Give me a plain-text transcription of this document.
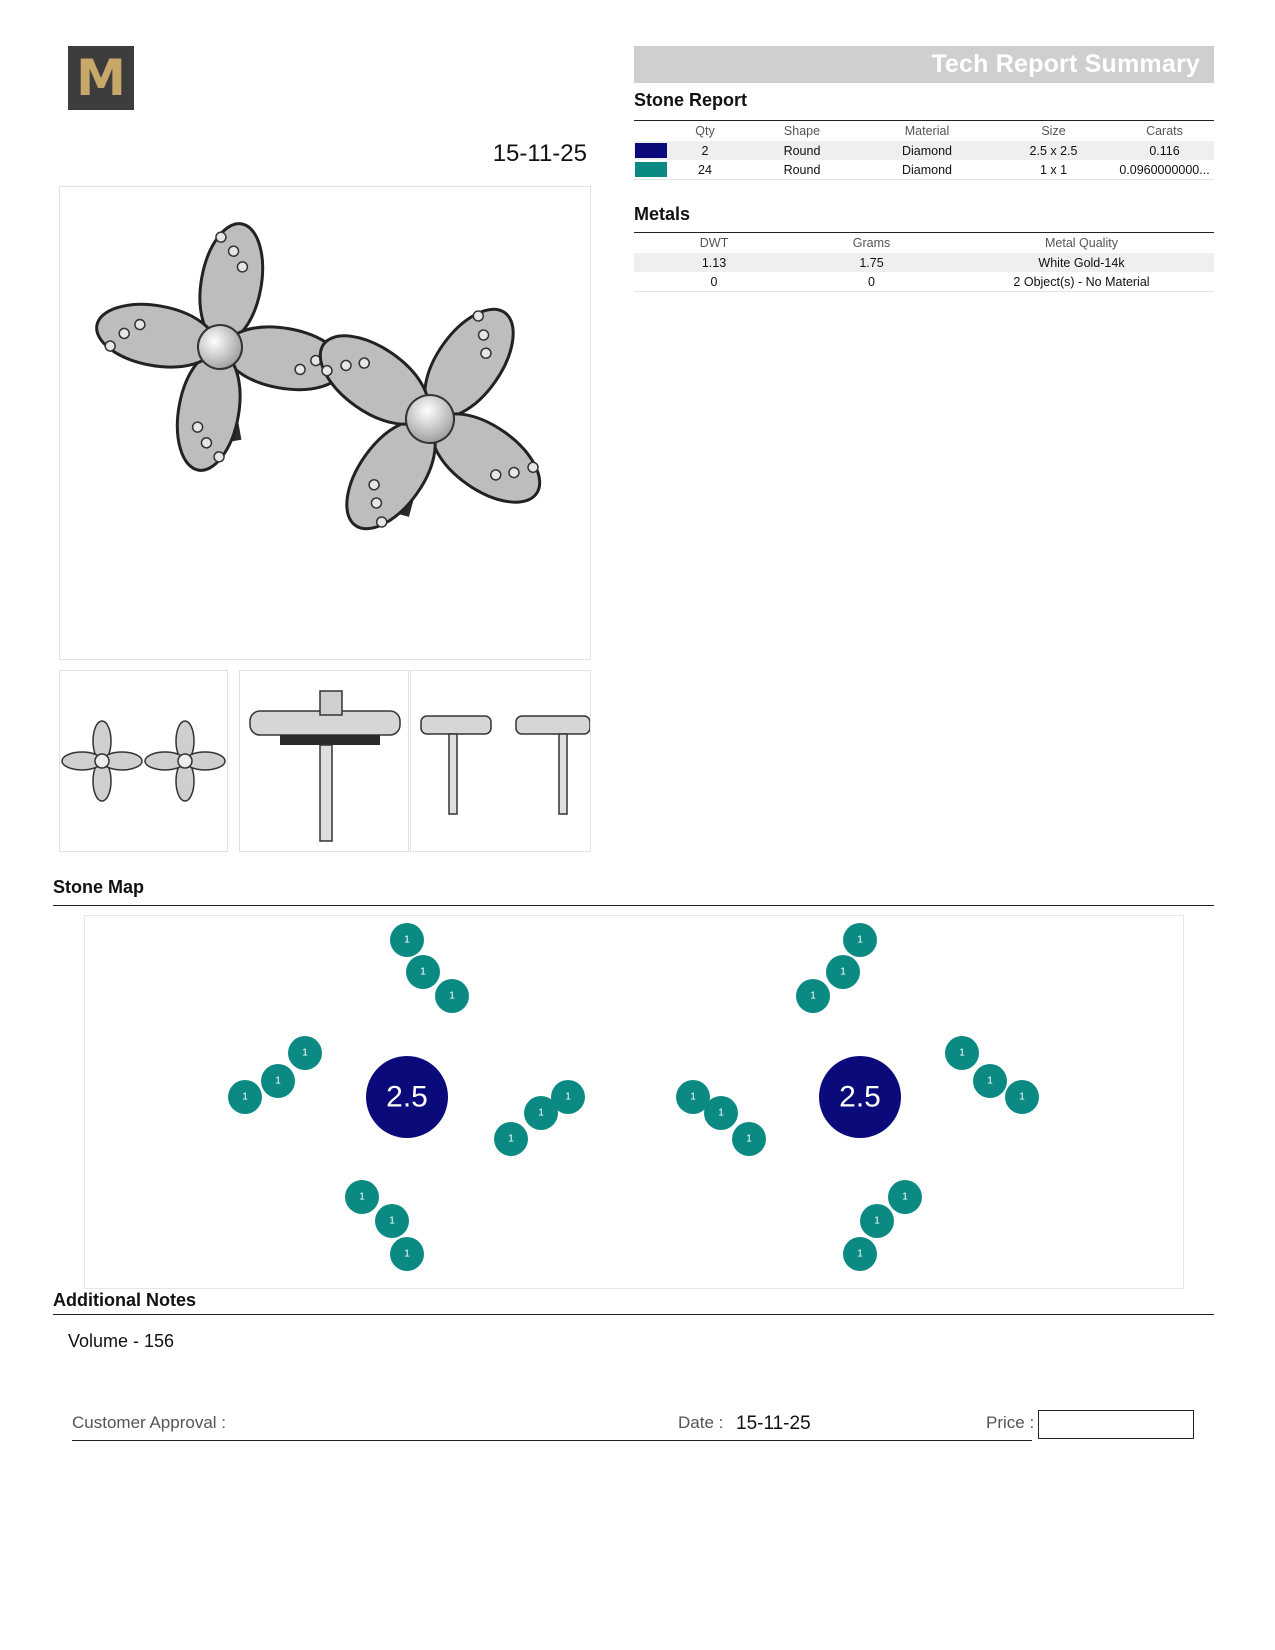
M	Tech Report Summary
Stone Report
	Qty	Shape	Material	Size	Carats
	2	Round	Diamond	2.5 x 2.5	0.116
	24	Round	Diamond	1 x 1	0.0960000000...
Metals
DWT	Grams	Metal Quality
1.13	1.75	White Gold-14k
0	0	2 Object(s) - No Material
15-11-25
Stone Map
1
1
1
1
1
1	1
1
1
1
1
1
1
1
1
1
1
1
1
1
1
1
1
1
2.5	2.5
Additional Notes
Volume - 156
Customer Approval :	Date : 15-11-25	Price :
